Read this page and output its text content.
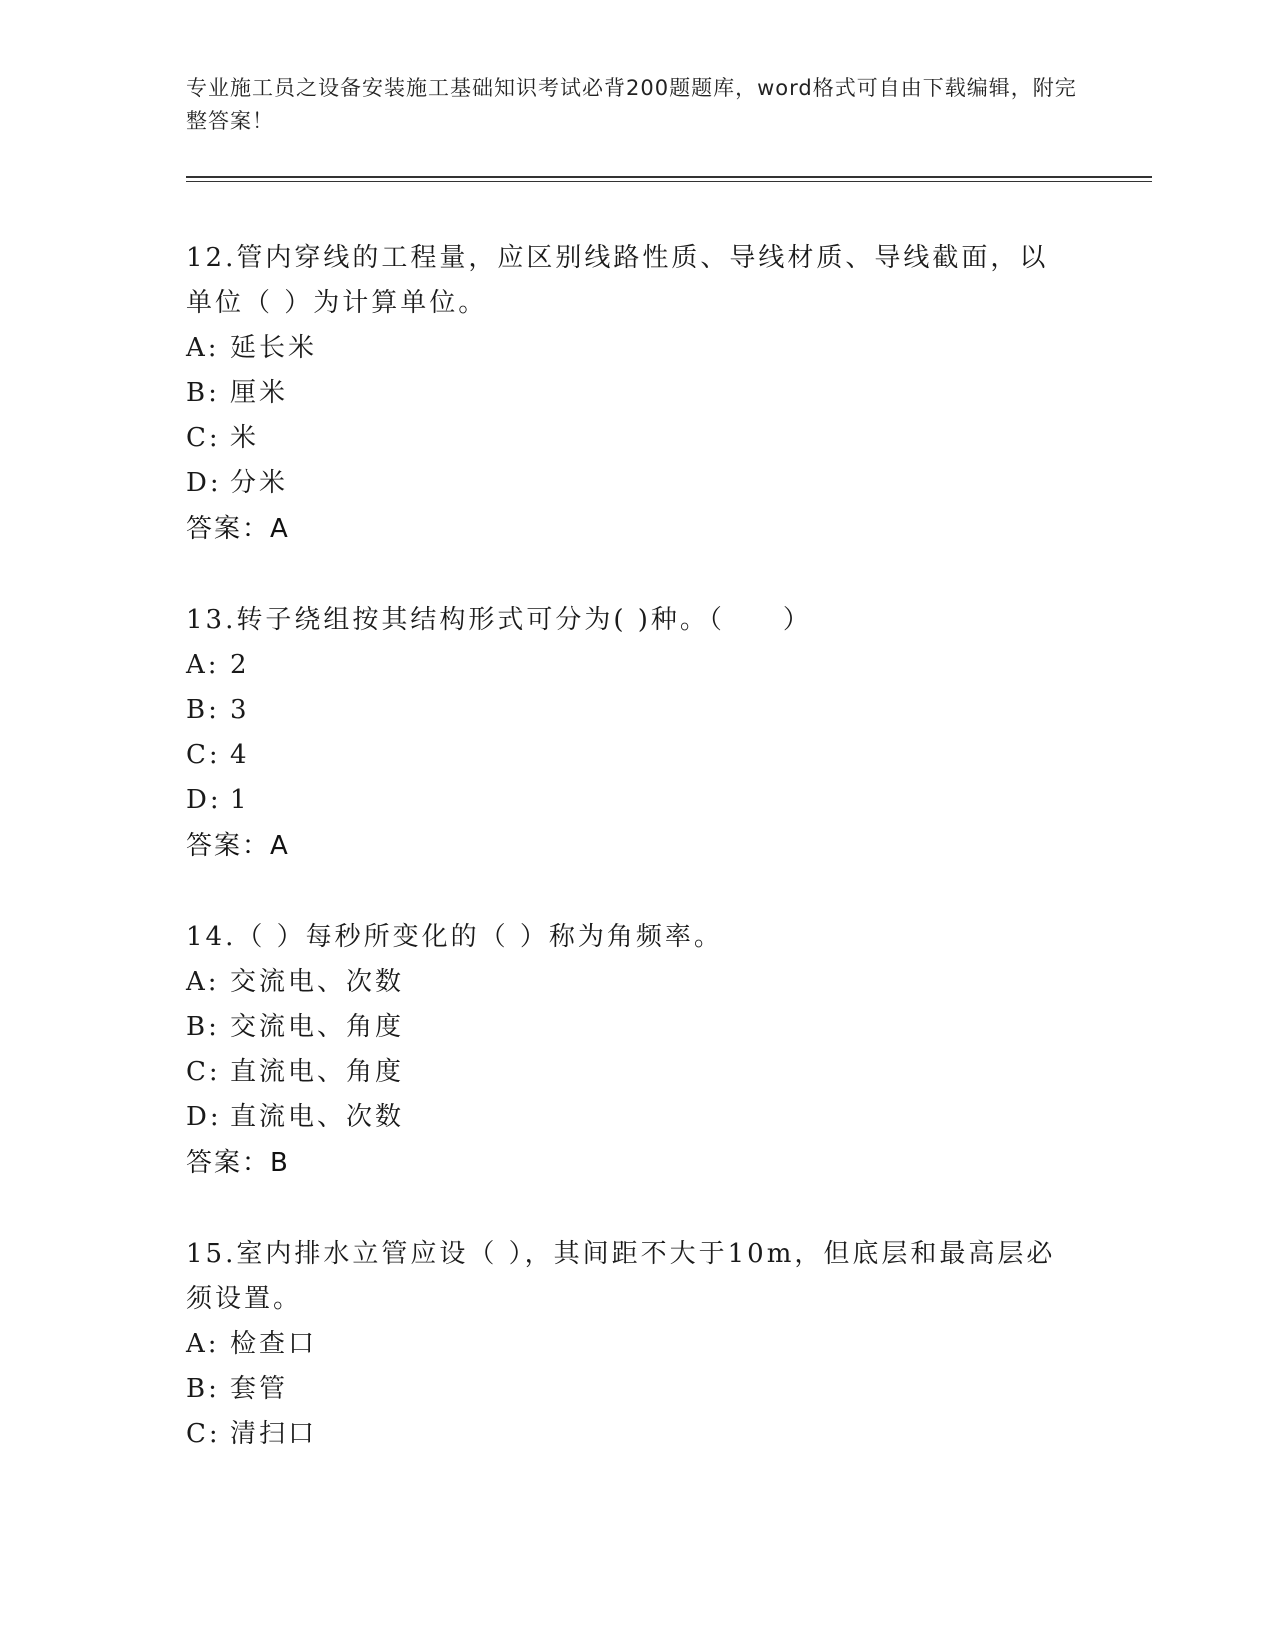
专业施工员之设备安装施工基础知识考试必背200题题库，word格式可自由下载编辑，附完整答案！
12.管内穿线的工程量，应区别线路性质、导线材质、导线截面，以单位（ ）为计算单位。
A: 延长米
B: 厘米
C: 米
D: 分米
答案：A
13.转子绕组按其结构形式可分为( )种。（　　）
A: 2
B: 3
C: 4
D: 1
答案：A
14.（ ）每秒所变化的（ ）称为角频率。
A: 交流电、次数
B: 交流电、角度
C: 直流电、角度
D: 直流电、次数
答案：B
15.室内排水立管应设（ ），其间距不大于10m，但底层和最高层必须设置。
A: 检查口
B: 套管
C: 清扫口
